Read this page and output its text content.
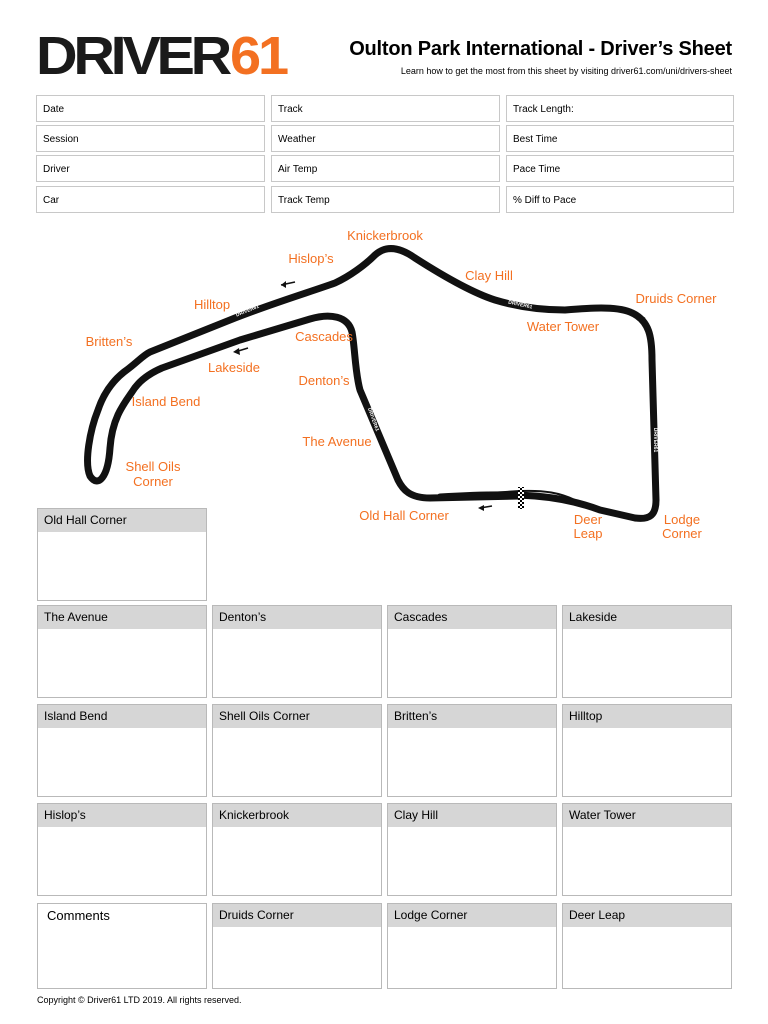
DRIVER
61	Oulton Park International - Driver’s Sheet
Learn how to get the most from this sheet by visiting driver61.com/uni/drivers-sheet
Date	Track	Track Length:
Session	Weather	Best Time
Driver	Air Temp	Pace Time
Car	Track Temp	% Diff to Pace
DRIVER61	DRIVER61
DRIVER61
DRIVER61
Knickerbrook
Hislop’s
Clay Hill
Hilltop	Druids Corner
Water Tower
Britten’s	Cascades
Lakeside
Denton’s
Island Bend
The Avenue
Shell Oils
Corner
Old Hall Corner	Deer
Leap
Lodge
Corner
Old Hall Corner
The Avenue	Denton’s	Cascades	Lakeside
Island Bend	Shell Oils Corner	Britten’s	Hilltop
Hislop’s	Knickerbrook	Clay Hill	Water Tower
Comments	Druids Corner	Lodge Corner	Deer Leap
Copyright © Driver61 LTD 2019. All rights reserved.
